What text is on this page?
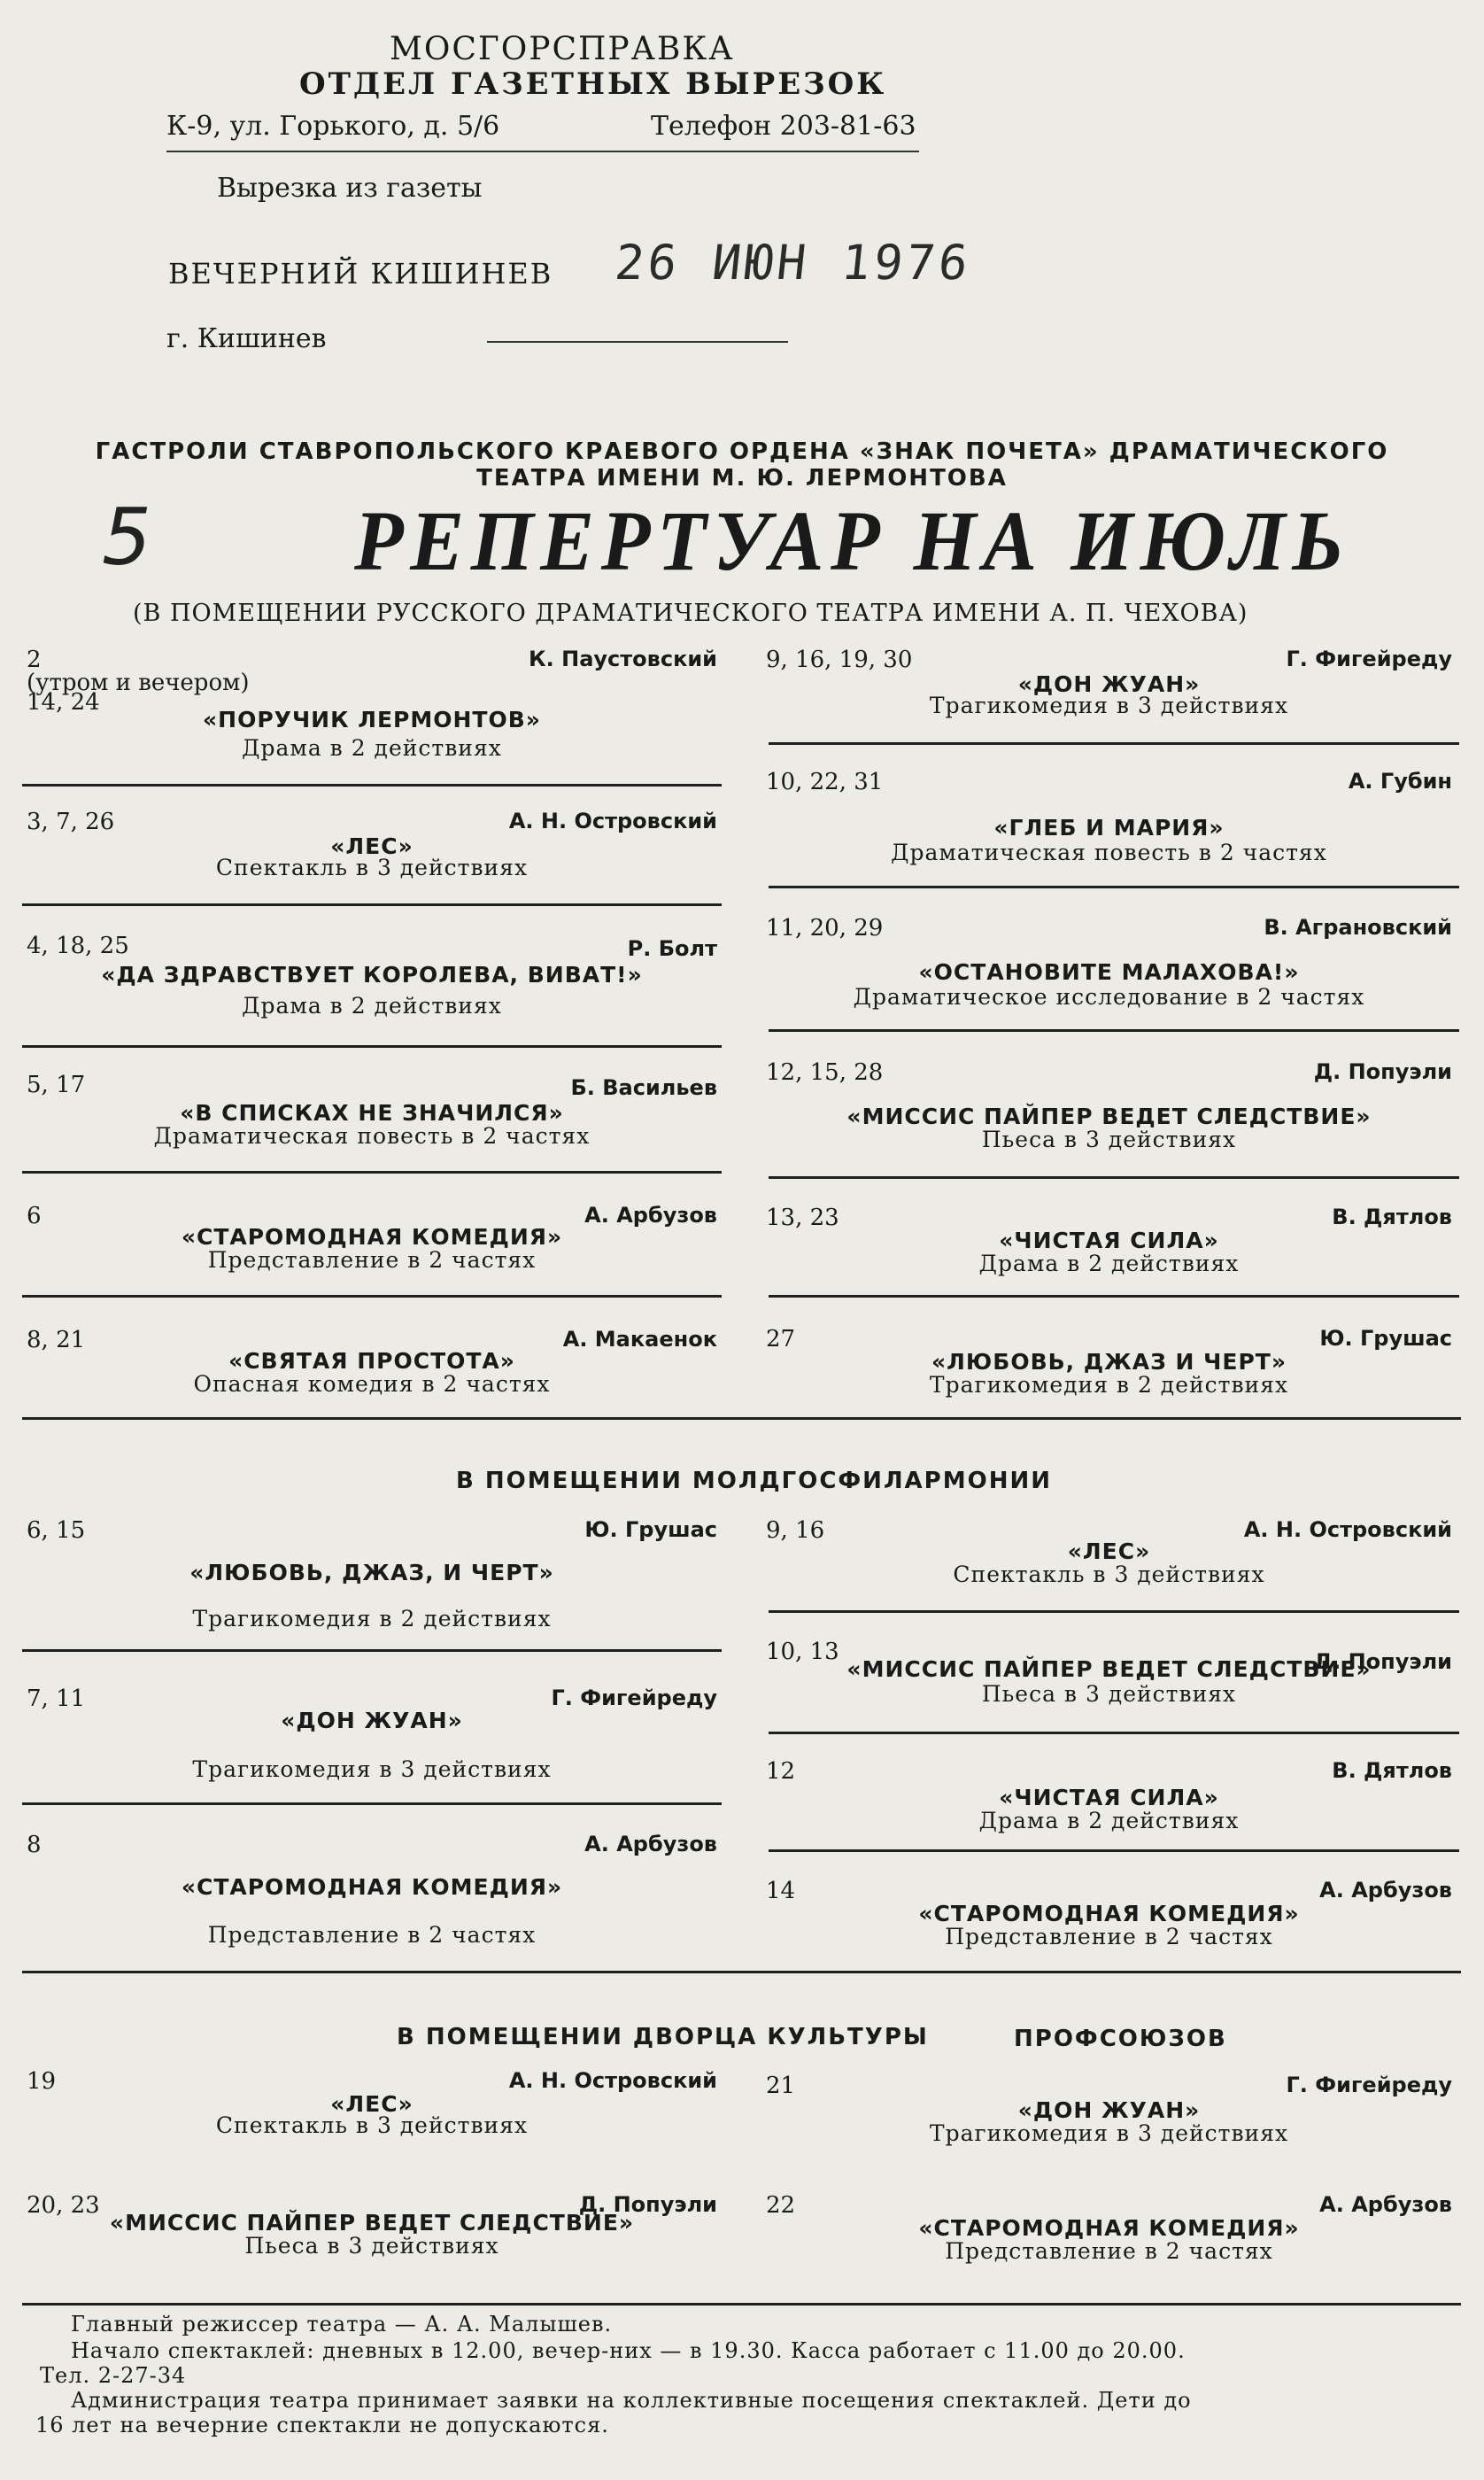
МОСГОРСПРАВКА
ОТДЕЛ ГАЗЕТНЫХ ВЫРЕЗОК
К-9, ул. Горького, д. 5/6	Телефон 203-81-63
Вырезка из газеты
ВЕЧЕРНИЙ КИШИНЕВ 26 ИЮН 1976
г. Кишинев
ГАСТРОЛИ СТАВРОПОЛЬСКОГО КРАЕВОГО ОРДЕНА «ЗНАК ПОЧЕТА» ДРАМАТИЧЕСКОГО
ТЕАТРА ИМЕНИ М. Ю. ЛЕРМОНТОВА
5 РЕПЕРТУАР НА ИЮЛЬ
(В ПОМЕЩЕНИИ РУССКОГО ДРАМАТИЧЕСКОГО ТЕАТРА ИМЕНИ А. П. ЧЕХОВА)
2
(утром и вечером)
14, 24
К. Паустовский
«ПОРУЧИК ЛЕРМОНТОВ»
Драма в 2 действиях
3, 7, 26	А. Н. Островский
«ЛЕС»
Спектакль в 3 действиях
4, 18, 25	Р. Болт
«ДА ЗДРАВСТВУЕТ КОРОЛЕВА, ВИВАТ!»
Драма в 2 действиях
5, 17	Б. Васильев
«В СПИСКАХ НЕ ЗНАЧИЛСЯ»
Драматическая повесть в 2 частях
6	А. Арбузов
«СТАРОМОДНАЯ КОМЕДИЯ»
Представление в 2 частях
8, 21	А. Макаенок
«СВЯТАЯ ПРОСТОТА»
Опасная комедия в 2 частях
9, 16, 19, 30	Г. Фигейреду
«ДОН ЖУАН»
Трагикомедия в 3 действиях
10, 22, 31	А. Губин
«ГЛЕБ И МАРИЯ»
Драматическая повесть в 2 частях
11, 20, 29	В. Аграновский
«ОСТАНОВИТЕ МАЛАХОВА!»
Драматическое исследование в 2 частях
12, 15, 28	Д. Попуэли
«МИССИС ПАЙПЕР ВЕДЕТ СЛЕДСТВИЕ»
Пьеса в 3 действиях
13, 23	В. Дятлов
«ЧИСТАЯ СИЛА»
Драма в 2 действиях
27	Ю. Грушас
«ЛЮБОВЬ, ДЖАЗ И ЧЕРТ»
Трагикомедия в 2 действиях
В ПОМЕЩЕНИИ МОЛДГОСФИЛАРМОНИИ
6, 15	Ю. Грушас
«ЛЮБОВЬ, ДЖАЗ, И ЧЕРТ»
Трагикомедия в 2 действиях
7, 11	Г. Фигейреду
«ДОН ЖУАН»
Трагикомедия в 3 действиях
8	А. Арбузов
«СТАРОМОДНАЯ КОМЕДИЯ»
Представление в 2 частях
9, 16	А. Н. Островский
«ЛЕС»
Спектакль в 3 действиях
10, 13	Д. Попуэли
«МИССИС ПАЙПЕР ВЕДЕТ СЛЕДСТВИЕ»
Пьеса в 3 действиях
12	В. Дятлов
«ЧИСТАЯ СИЛА»
Драма в 2 действиях
14	А. Арбузов
«СТАРОМОДНАЯ КОМЕДИЯ»
Представление в 2 частях
В ПОМЕЩЕНИИ ДВОРЦА КУЛЬТУРЫ	ПРОФСОЮЗОВ
19	А. Н. Островский
«ЛЕС»
Спектакль в 3 действиях
20, 23	Д. Попуэли
«МИССИС ПАЙПЕР ВЕДЕТ СЛЕДСТВИЕ»
Пьеса в 3 действиях
21	Г. Фигейреду
«ДОН ЖУАН»
Трагикомедия в 3 действиях
22	А. Арбузов
«СТАРОМОДНАЯ КОМЕДИЯ»
Представление в 2 частях
Главный режиссер театра — А. А. Малышев.
Начало спектаклей: дневных в 12.00, вечер-них — в 19.30. Касса работает с 11.00 до 20.00.
Тел. 2-27-34
Администрация театра принимает заявки на коллективные посещения спектаклей. Дети до
16 лет на вечерние спектакли не допускаются.
